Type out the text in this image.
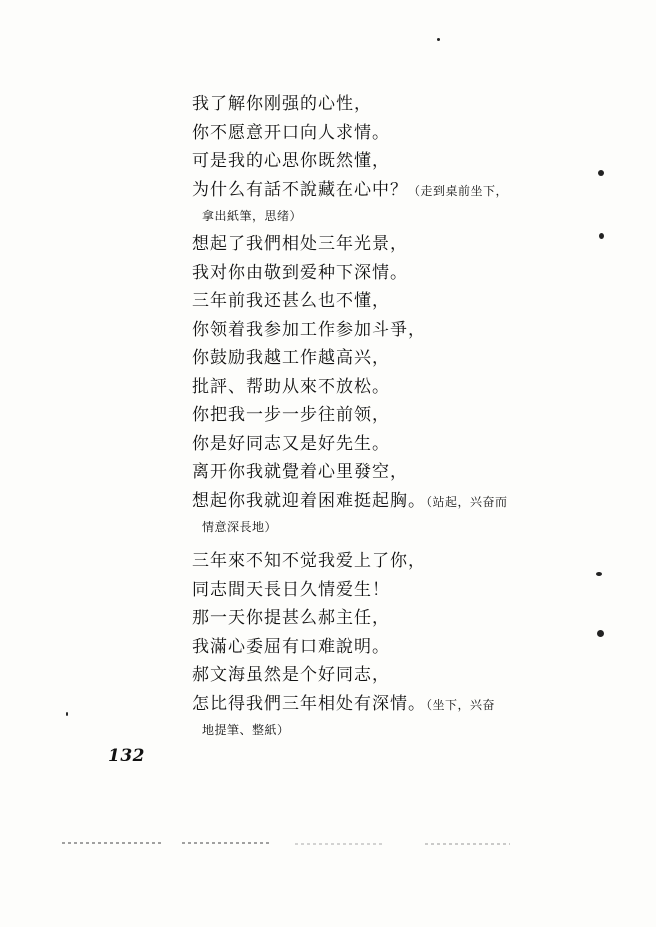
我了解你刚强的心性，
你不愿意开口向人求情。
可是我的心思你既然懂，
为什么有話不說藏在心中？（走到桌前坐下，
拿出紙筆，思绪）
想起了我們相处三年光景，
我对你由敬到爱种下深情。
三年前我还甚么也不懂，
你领着我参加工作参加斗爭，
你鼓励我越工作越高兴，
批評、帮助从來不放松。
你把我一步一步往前领，
你是好同志又是好先生。
离开你我就覺着心里發空，
想起你我就迎着困难挺起胸。（站起，兴奋而
情意深長地）
三年來不知不觉我爱上了你，
同志間天長日久情爱生！
那一天你提甚么郝主任，
我滿心委屈有口难說明。
郝文海虽然是个好同志，
怎比得我們三年相处有深情。（坐下，兴奋
地提筆、整紙）
132
